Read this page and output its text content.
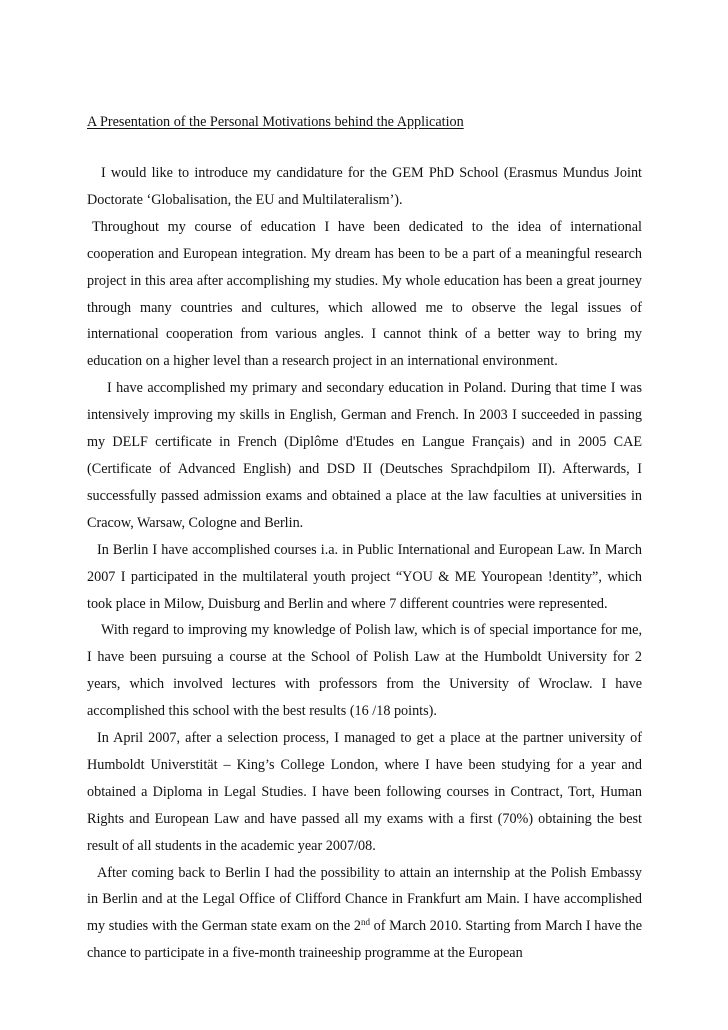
A Presentation of the Personal Motivations behind the Application

I would like to introduce my candidature for the GEM PhD School (Erasmus Mundus Joint Doctorate ‘Globalisation, the EU and Multilateralism’).

Throughout my course of education I have been dedicated to the idea of international cooperation and European integration. My dream has been to be a part of a meaningful research project in this area after accomplishing my studies. My whole education has been a great journey through many countries and cultures, which allowed me to observe the legal issues of international cooperation from various angles. I cannot think of a better way to bring my education on a higher level than a research project in an international environment.

I have accomplished my primary and secondary education in Poland. During that time I was intensively improving my skills in English, German and French. In 2003 I succeeded in passing my DELF certificate in French (Diplôme d'Etudes en Langue Français) and in 2005 CAE (Certificate of Advanced English) and DSD II (Deutsches Sprachdpilom II). Afterwards, I successfully passed admission exams and obtained a place at the law faculties at universities in Cracow, Warsaw, Cologne and Berlin.

In Berlin I have accomplished courses i.a. in Public International and European Law. In March 2007 I participated in the multilateral youth project “YOU & ME Youropean !dentity”, which took place in Milow, Duisburg and Berlin and where 7 different countries were represented.

With regard to improving my knowledge of Polish law, which is of special importance for me, I have been pursuing a course at the School of Polish Law at the Humboldt University for 2 years, which involved lectures with professors from the University of Wroclaw. I have accomplished this school with the best results (16 /18 points).

In April 2007, after a selection process, I managed to get a place at the partner university of Humboldt Universtität – King’s College London, where I have been studying for a year and obtained a Diploma in Legal Studies. I have been following courses in Contract, Tort, Human Rights and European Law and have passed all my exams with a first (70%) obtaining the best result of all students in the academic year 2007/08.

After coming back to Berlin I had the possibility to attain an internship at the Polish Embassy in Berlin and at the Legal Office of Clifford Chance in Frankfurt am Main. I have accomplished my studies with the German state exam on the 2nd of March 2010. Starting from March I have the chance to participate in a five-month traineeship programme at the European
